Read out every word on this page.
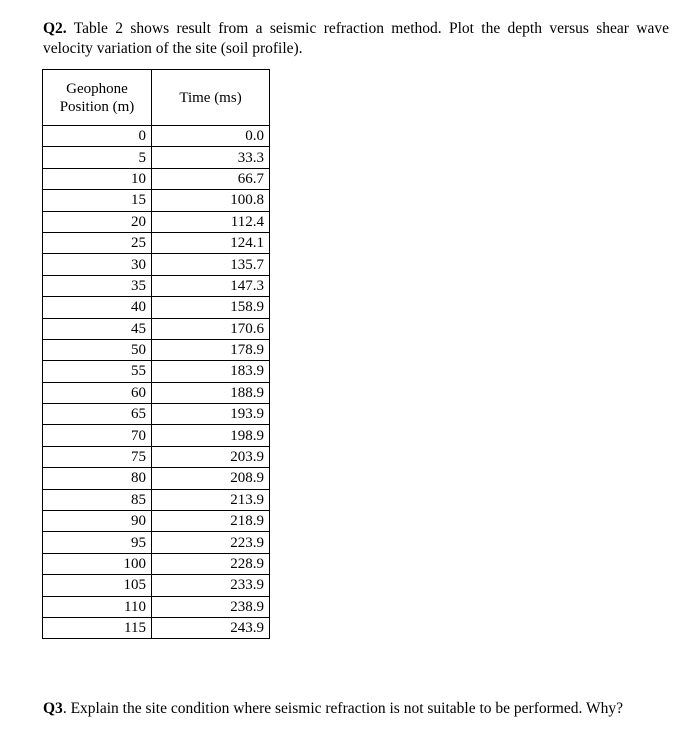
Q2. Table 2 shows result from a seismic refraction method. Plot the depth versus shear wave velocity variation of the site (soil profile).
Geophone Position (m)	Time (ms)
0	0.0
5	33.3
10	66.7
15	100.8
20	112.4
25	124.1
30	135.7
35	147.3
40	158.9
45	170.6
50	178.9
55	183.9
60	188.9
65	193.9
70	198.9
75	203.9
80	208.9
85	213.9
90	218.9
95	223.9
100	228.9
105	233.9
110	238.9
115	243.9
Q3. Explain the site condition where seismic refraction is not suitable to be performed. Why?
